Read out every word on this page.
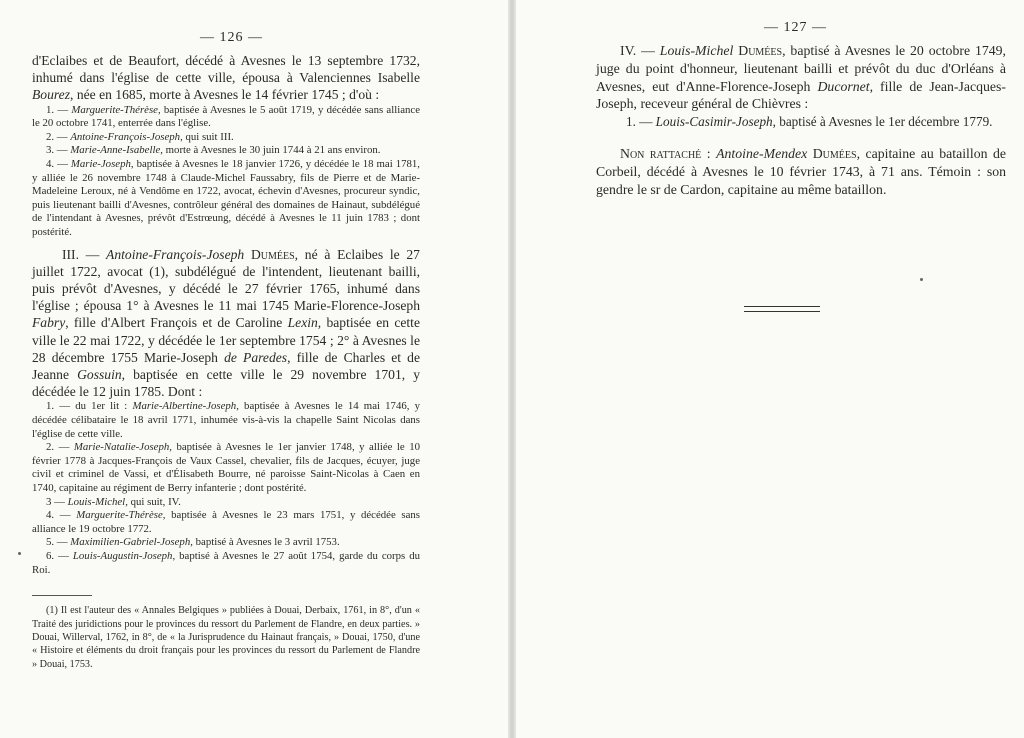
— 126 —

d'Eclaibes et de Beaufort, décédé à Avesnes le 13 septembre 1732, inhumé dans l'église de cette ville, épousa à Valenciennes Isabelle Bourez, née en 1685, morte à Avesnes le 14 février 1745 ; d'où :

1. — Marguerite-Thérèse, baptisée à Avesnes le 5 août 1719, y décédée sans alliance le 20 octobre 1741, enterrée dans l'église.

2. — Antoine-François-Joseph, qui suit III.

3. — Marie-Anne-Isabelle, morte à Avesnes le 30 juin 1744 à 21 ans environ.

4. — Marie-Joseph, baptisée à Avesnes le 18 janvier 1726, y décédée le 18 mai 1781, y alliée le 26 novembre 1748 à Claude-Michel Faussabry, fils de Pierre et de Marie-Madeleine Leroux, né à Vendôme en 1722, avocat, échevin d'Avesnes, procureur syndic, puis lieutenant bailli d'Avesnes, contrôleur général des domaines de Hainaut, subdélégué de l'intendant à Avesnes, prévôt d'Estrœung, décédé à Avesnes le 11 juin 1783 ; dont postérité.

III. — Antoine-François-Joseph Dumées, né à Eclaibes le 27 juillet 1722, avocat (1), subdélégué de l'intendent, lieutenant bailli, puis prévôt d'Avesnes, y décédé le 27 février 1765, inhumé dans l'église ; épousa 1° à Avesnes le 11 mai 1745 Marie-Florence-Joseph Fabry, fille d'Albert François et de Caroline Lexin, baptisée en cette ville le 22 mai 1722, y décédée le 1er septembre 1754 ; 2° à Avesnes le 28 décembre 1755 Marie-Joseph de Paredes, fille de Charles et de Jeanne Gossuin, baptisée en cette ville le 29 novembre 1701, y décédée le 12 juin 1785. Dont :

1. — du 1er lit : Marie-Albertine-Joseph, baptisée à Avesnes le 14 mai 1746, y décédée célibataire le 18 avril 1771, inhumée vis-à-vis la chapelle Saint Nicolas dans l'église de cette ville.

2. — Marie-Natalie-Joseph, baptisée à Avesnes le 1er janvier 1748, y alliée le 10 février 1778 à Jacques-François de Vaux Cassel, chevalier, fils de Jacques, écuyer, juge civil et criminel de Vassi, et d'Élisabeth Bourre, né paroisse Saint-Nicolas à Caen en 1740, capitaine au régiment de Berry infanterie ; dont postérité.

3 — Louis-Michel, qui suit, IV.

4. — Marguerite-Thérèse, baptisée à Avesnes le 23 mars 1751, y décédée sans alliance le 19 octobre 1772.

5. — Maximilien-Gabriel-Joseph, baptisé à Avesnes le 3 avril 1753.

6. — Louis-Augustin-Joseph, baptisé à Avesnes le 27 août 1754, garde du corps du Roi.

(1) Il est l'auteur des « Annales Belgiques » publiées à Douai, Derbaix, 1761, in 8°, d'un « Traité des juridictions pour le provinces du ressort du Parlement de Flandre, en deux parties. » Douai, Willerval, 1762, in 8°, de « la Jurisprudence du Hainaut français, » Douai, 1750, d'une « Histoire et éléments du droit français pour les provinces du ressort du Parlement de Flandre » Douai, 1753.

— 127 —

IV. — Louis-Michel Dumées, baptisé à Avesnes le 20 octobre 1749, juge du point d'honneur, lieutenant bailli et prévôt du duc d'Orléans à Avesnes, eut d'Anne-Florence-Joseph Ducornet, fille de Jean-Jacques-Joseph, receveur général de Chièvres :

1. — Louis-Casimir-Joseph, baptisé à Avesnes le 1er décembre 1779.

Non rattaché : Antoine-Mendex Dumées, capitaine au bataillon de Corbeil, décédé à Avesnes le 10 février 1743, à 71 ans. Témoin : son gendre le sr de Cardon, capitaine au même bataillon.
